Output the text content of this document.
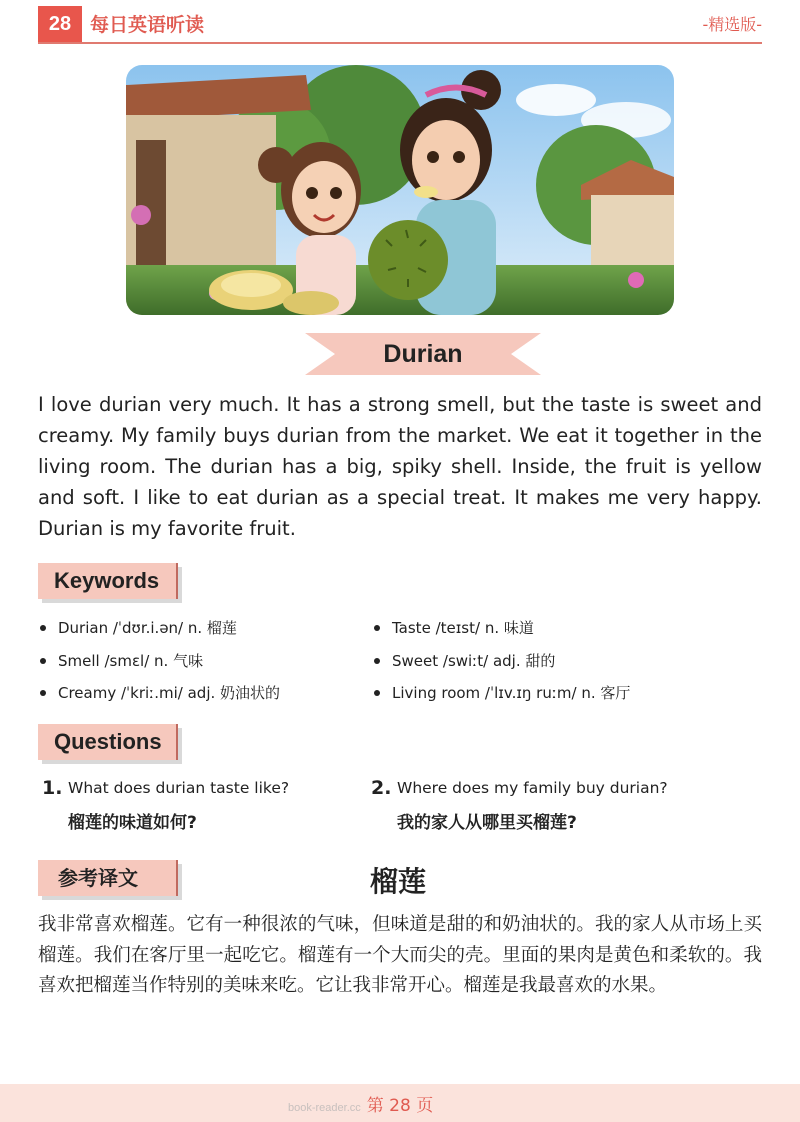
28 每日英语听读	-精选版-
Durian

I love durian very much. It has a strong smell, but the taste is sweet and creamy. My family buys durian from the market. We eat it together in the living room. The durian has a big, spiky shell. Inside, the fruit is yellow and soft. I like to eat durian as a special treat. It makes me very happy. Durian is my favorite fruit.

Keywords
Durian /ˈdʊr.i.ən/ n. 榴莲
Smell /smɛl/ n. 气味
Creamy /ˈkriː.mi/ adj. 奶油状的
Taste /teɪst/ n. 味道
Sweet /swiːt/ adj. 甜的
Living room /ˈlɪv.ɪŋ ruːm/ n. 客厅
Questions
1. What does durian taste like?
榴莲的味道如何?
2. Where does my family buy durian?
我的家人从哪里买榴莲?
参考译文	榴莲

我非常喜欢榴莲。它有一种很浓的气味，但味道是甜的和奶油状的。我的家人从市场上买榴莲。我们在客厅里一起吃它。榴莲有一个大而尖的壳。里面的果肉是黄色和柔软的。我喜欢把榴莲当作特别的美味来吃。它让我非常开心。榴莲是我最喜欢的水果。

第 28 页
book-reader.cc
